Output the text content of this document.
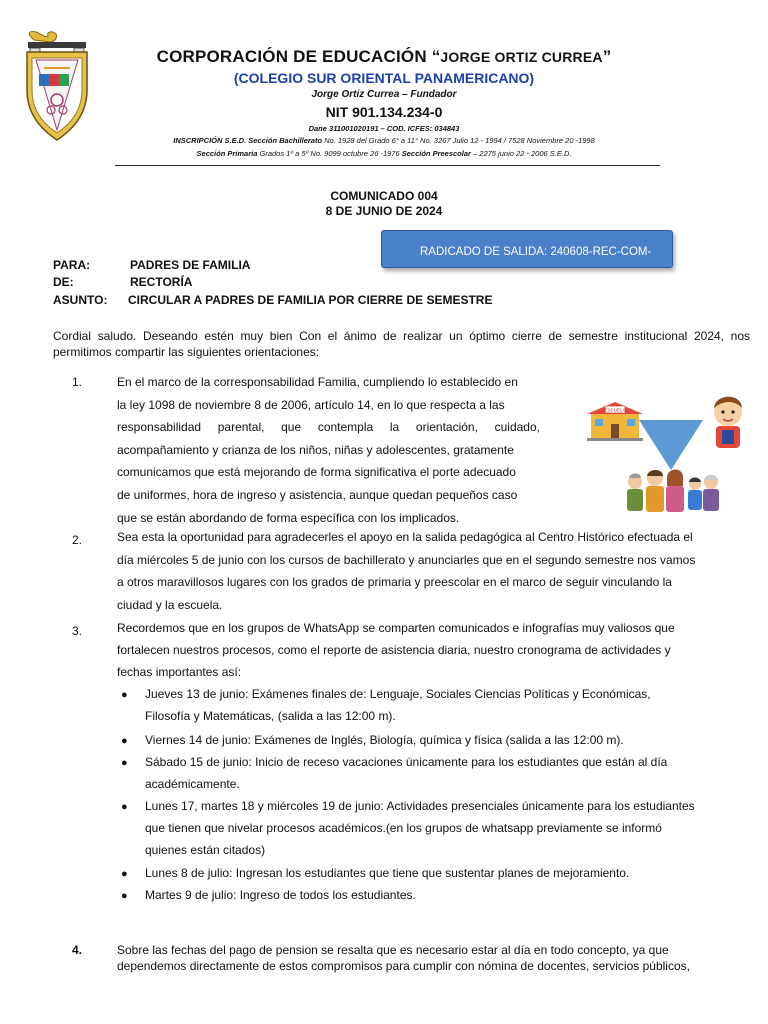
CORPORACIÓN DE EDUCACIÓN “JORGE ORTIZ CURREA”
(COLEGIO SUR ORIENTAL PANAMERICANO)
Jorge Ortiz Currea – Fundador
NIT 901.134.234-0
Dane 311001020191 – COD. ICFES: 034843
INSCRIPCIÓN S.E.D. Sección Bachillerato No. 1928 del Grado 6° a 11° No. 3267 Julio 12 - 1994 / 7528 Noviembre 20 -1998
Sección Primaria Grados 1º a 5º No. 9099 octubre 26 -1976 Sección Preescolar – 2275 junio 22 - 2006 S.E.D.
COMUNICADO 004
8 DE JUNIO DE 2024
RADICADO DE SALIDA: 240608-REC-COM-
PARA:	PADRES DE FAMILIA
DE:	RECTORÍA
ASUNTO: CIRCULAR A PADRES DE FAMILIA POR CIERRE DE SEMESTRE
Cordial saludo. Deseando estén muy bien Con el ánimo de realizar un óptimo cierre de semestre institucional 2024, nos permitimos compartir las siguientes orientaciones:
1.	En el marco de la corresponsabilidad Familia, cumpliendo lo establecido en
la ley 1098 de noviembre 8 de 2006, artículo 14, en lo que respecta a las
responsabilidad parental, que contempla la orientación, cuidado,
acompañamiento y crianza de los niños, niñas y adolescentes, gratamente
comunicamos que está mejorando de forma significativa el porte adecuado
de uniformes, hora de ingreso y asistencia, aunque quedan pequeños caso
que se están abordando de forma específica con los implicados.
ESCUELA
2.	Sea esta la oportunidad para agradecerles el apoyo en la salida pedagógica al Centro Histórico efectuada el
día miércoles 5 de junio con los cursos de bachillerato y anunciarles que en el segundo semestre nos vamos
a otros maravillosos lugares con los grados de primaria y preescolar en el marco de seguir vinculando la
ciudad y la escuela.
3.	Recordemos que en los grupos de WhatsApp se comparten comunicados e infografías muy valiosos que
fortalecen nuestros procesos, como el reporte de asistencia diaria, nuestro cronograma de actividades y
fechas importantes así:
● Jueves 13 de junio: Exámenes finales de: Lenguaje, Sociales Ciencias Políticas y Económicas,
Filosofía y Matemáticas, (salida a las 12:00 m).
● Viernes 14 de junio: Exámenes de Inglés, Biología, química y física (salida a las 12:00 m).
● Sábado 15 de junio: Inicio de receso vacaciones únicamente para los estudiantes que están al día
académicamente.
● Lunes 17, martes 18 y miércoles 19 de junio: Actividades presenciales únicamente para los estudiantes
que tienen que nivelar procesos académicos.(en los grupos de whatsapp previamente se informó
quienes están citados)
● Lunes 8 de julio: Ingresan los estudiantes que tiene que sustentar planes de mejoramiento.
● Martes 9 de julio: Ingreso de todos los estudiantes.
4.	Sobre las fechas del pago de pension se resalta que es necesario estar al día en todo concepto, ya que
dependemos directamente de estos compromisos para cumplir con nómina de docentes, servicios públicos,
